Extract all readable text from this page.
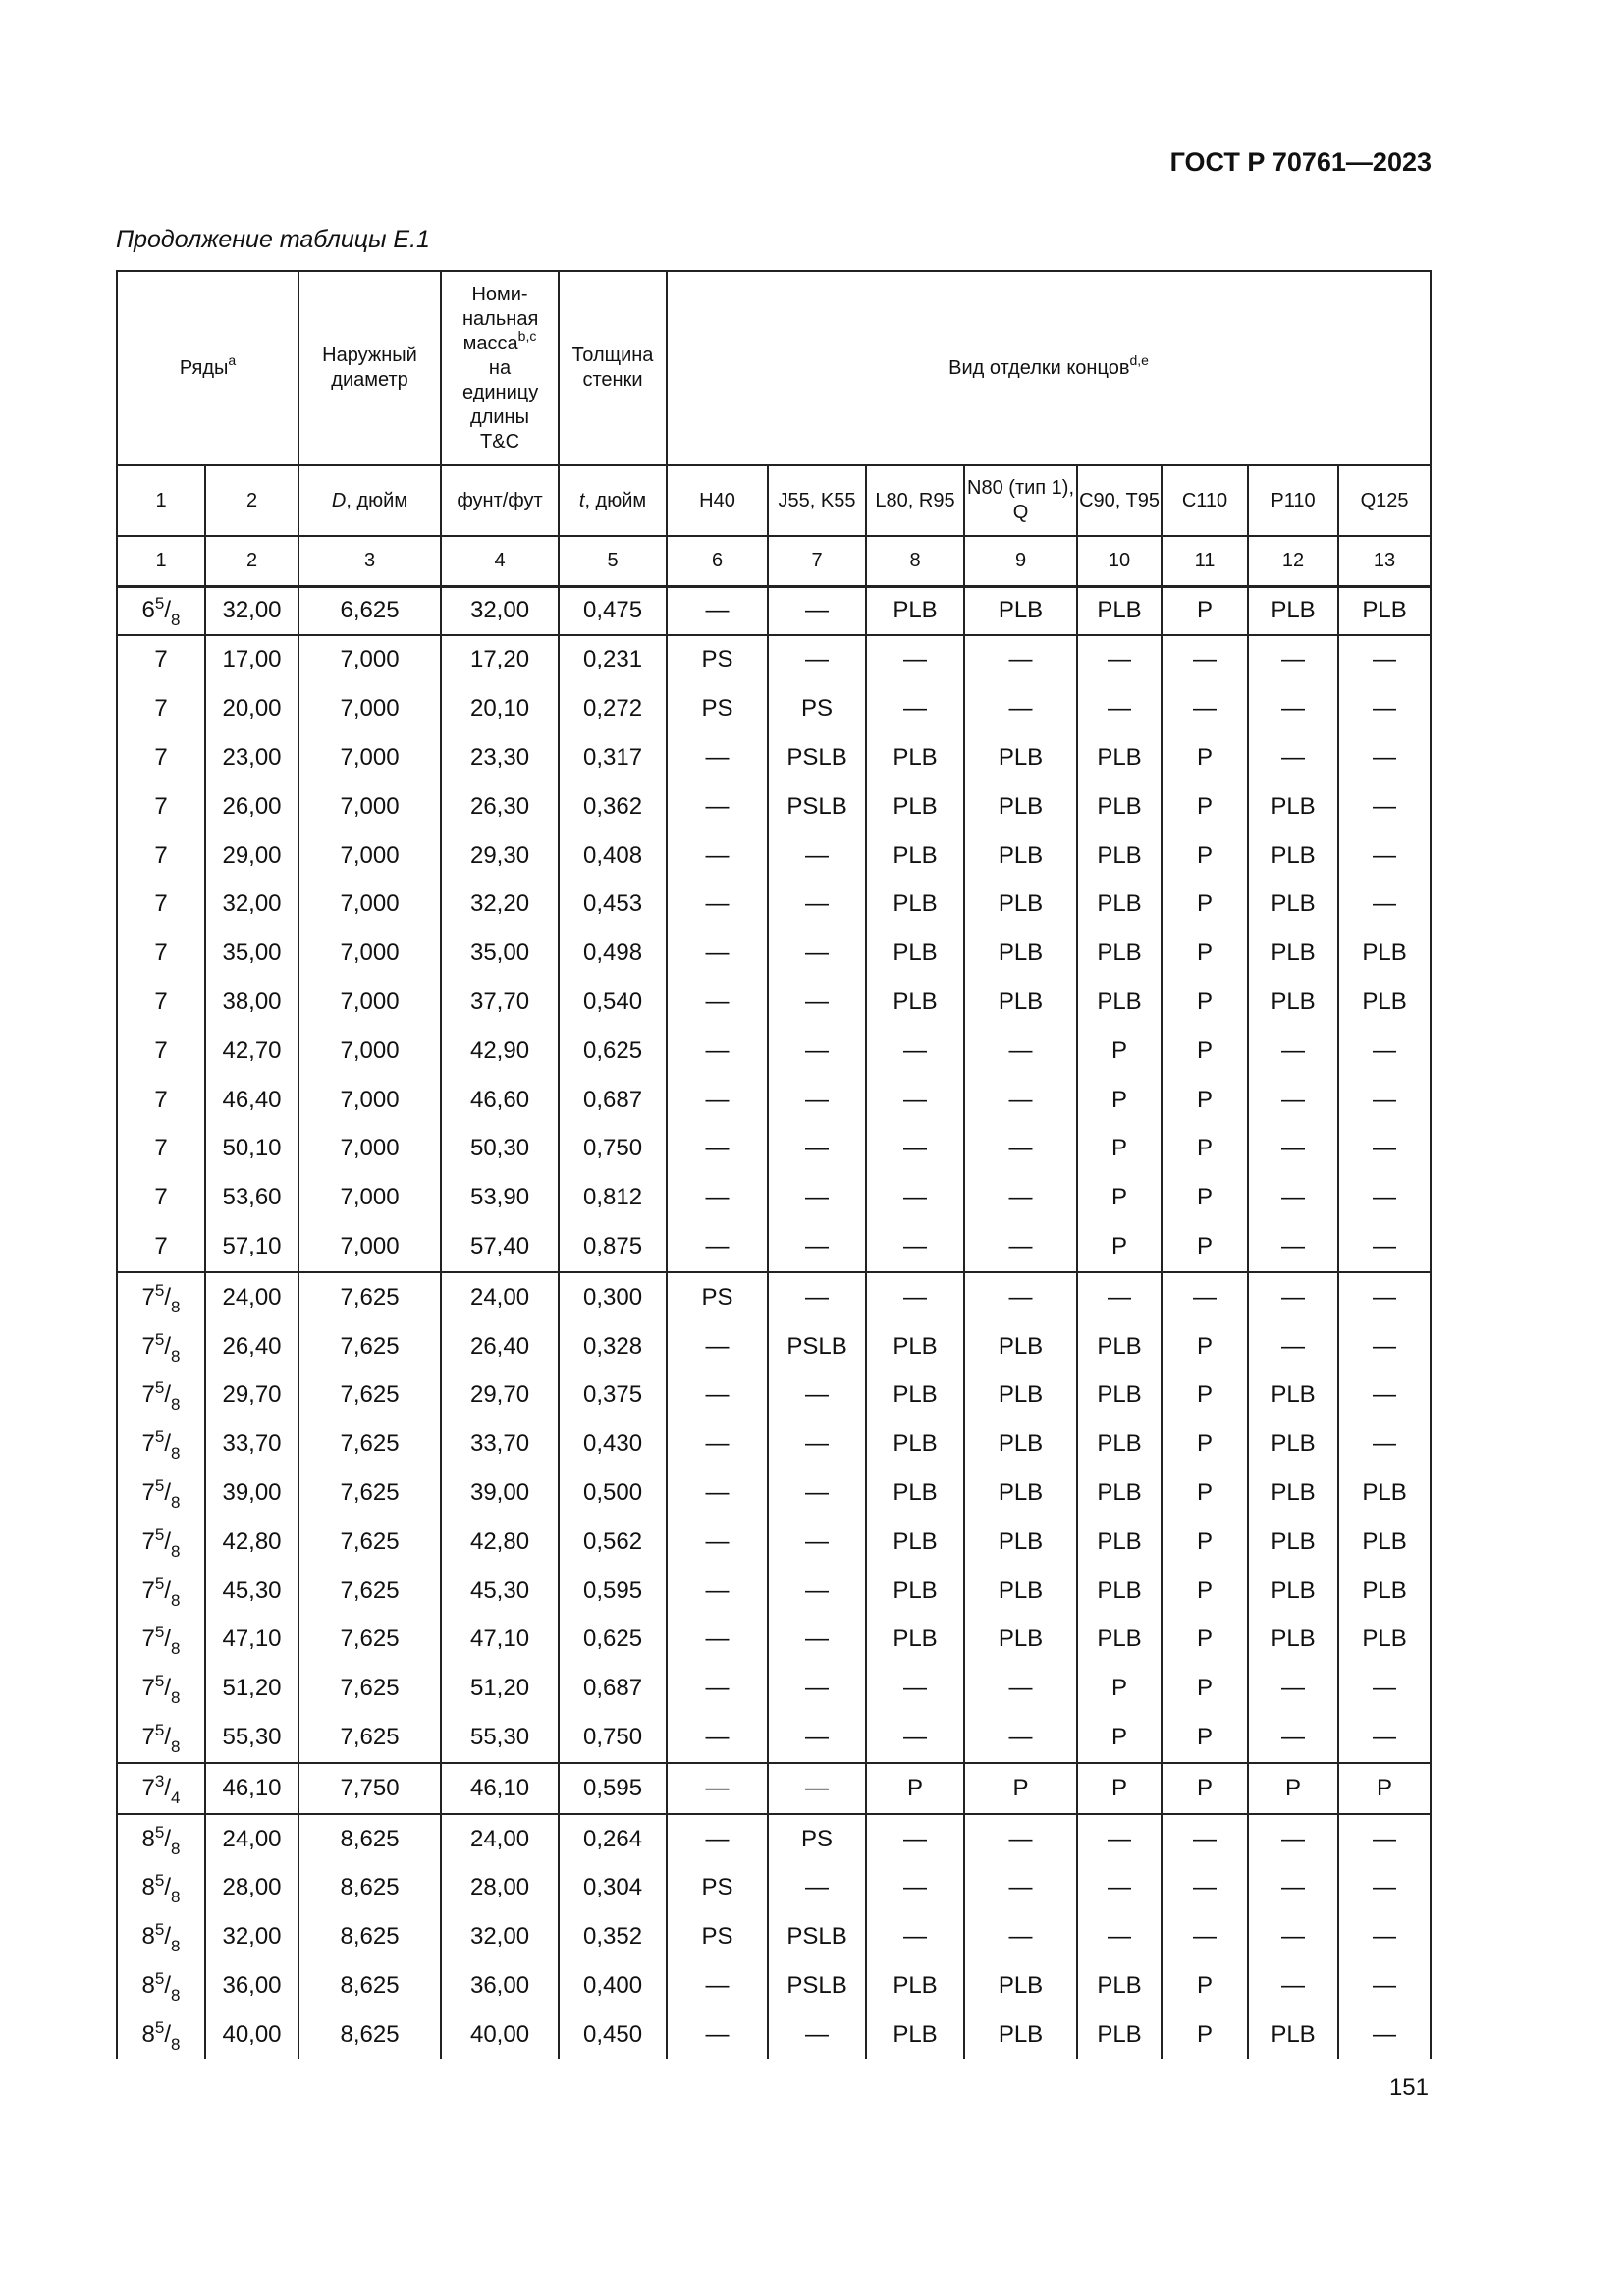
ГОСТ Р 70761—2023
Продолжение таблицы Е.1
Ряды$^a$		Наружный диаметр	Номи-нальная масса$^{b,c}$ на единицу длины T&C	Толщина стенки	Вид отделки концов$^{d,e}$
1	2	D, дюйм	фунт/фут	t, дюйм	H40	J55, K55	L80, R95	N80 (тип 1), Q	C90, T95	C110	P110	Q125
1	2	3	4	5	6	7	8	9	10	11	12	13
$6^5/_8$	32,00	6,625	32,00	0,475	—	—	PLB	PLB	PLB	P	PLB	PLB
7	17,00	7,000	17,20	0,231	PS	—	—	—	—	—	—	—
7	20,00	7,000	20,10	0,272	PS	PS	—	—	—	—	—	—
7	23,00	7,000	23,30	0,317	—	PSLB	PLB	PLB	PLB	P	—	—
7	26,00	7,000	26,30	0,362	—	PSLB	PLB	PLB	PLB	P	PLB	—
7	29,00	7,000	29,30	0,408	—	—	PLB	PLB	PLB	P	PLB	—
7	32,00	7,000	32,20	0,453	—	—	PLB	PLB	PLB	P	PLB	—
7	35,00	7,000	35,00	0,498	—	—	PLB	PLB	PLB	P	PLB	PLB
7	38,00	7,000	37,70	0,540	—	—	PLB	PLB	PLB	P	PLB	PLB
7	42,70	7,000	42,90	0,625	—	—	—	—	P	P	—	—
7	46,40	7,000	46,60	0,687	—	—	—	—	P	P	—	—
7	50,10	7,000	50,30	0,750	—	—	—	—	P	P	—	—
7	53,60	7,000	53,90	0,812	—	—	—	—	P	P	—	—
7	57,10	7,000	57,40	0,875	—	—	—	—	P	P	—	—
$7^5/_8$	24,00	7,625	24,00	0,300	PS	—	—	—	—	—	—	—
$7^5/_8$	26,40	7,625	26,40	0,328	—	PSLB	PLB	PLB	PLB	P	—	—
$7^5/_8$	29,70	7,625	29,70	0,375	—	—	PLB	PLB	PLB	P	PLB	—
$7^5/_8$	33,70	7,625	33,70	0,430	—	—	PLB	PLB	PLB	P	PLB	—
$7^5/_8$	39,00	7,625	39,00	0,500	—	—	PLB	PLB	PLB	P	PLB	PLB
$7^5/_8$	42,80	7,625	42,80	0,562	—	—	PLB	PLB	PLB	P	PLB	PLB
$7^5/_8$	45,30	7,625	45,30	0,595	—	—	PLB	PLB	PLB	P	PLB	PLB
$7^5/_8$	47,10	7,625	47,10	0,625	—	—	PLB	PLB	PLB	P	PLB	PLB
$7^5/_8$	51,20	7,625	51,20	0,687	—	—	—	—	P	P	—	—
$7^5/_8$	55,30	7,625	55,30	0,750	—	—	—	—	P	P	—	—
$7^3/_4$	46,10	7,750	46,10	0,595	—	—	P	P	P	P	P	P
$8^5/_8$	24,00	8,625	24,00	0,264	—	PS	—	—	—	—	—	—
$8^5/_8$	28,00	8,625	28,00	0,304	PS	—	—	—	—	—	—	—
$8^5/_8$	32,00	8,625	32,00	0,352	PS	PSLB	—	—	—	—	—	—
$8^5/_8$	36,00	8,625	36,00	0,400	—	PSLB	PLB	PLB	PLB	P	—	—
$8^5/_8$	40,00	8,625	40,00	0,450	—	—	PLB	PLB	PLB	P	PLB	—
151
